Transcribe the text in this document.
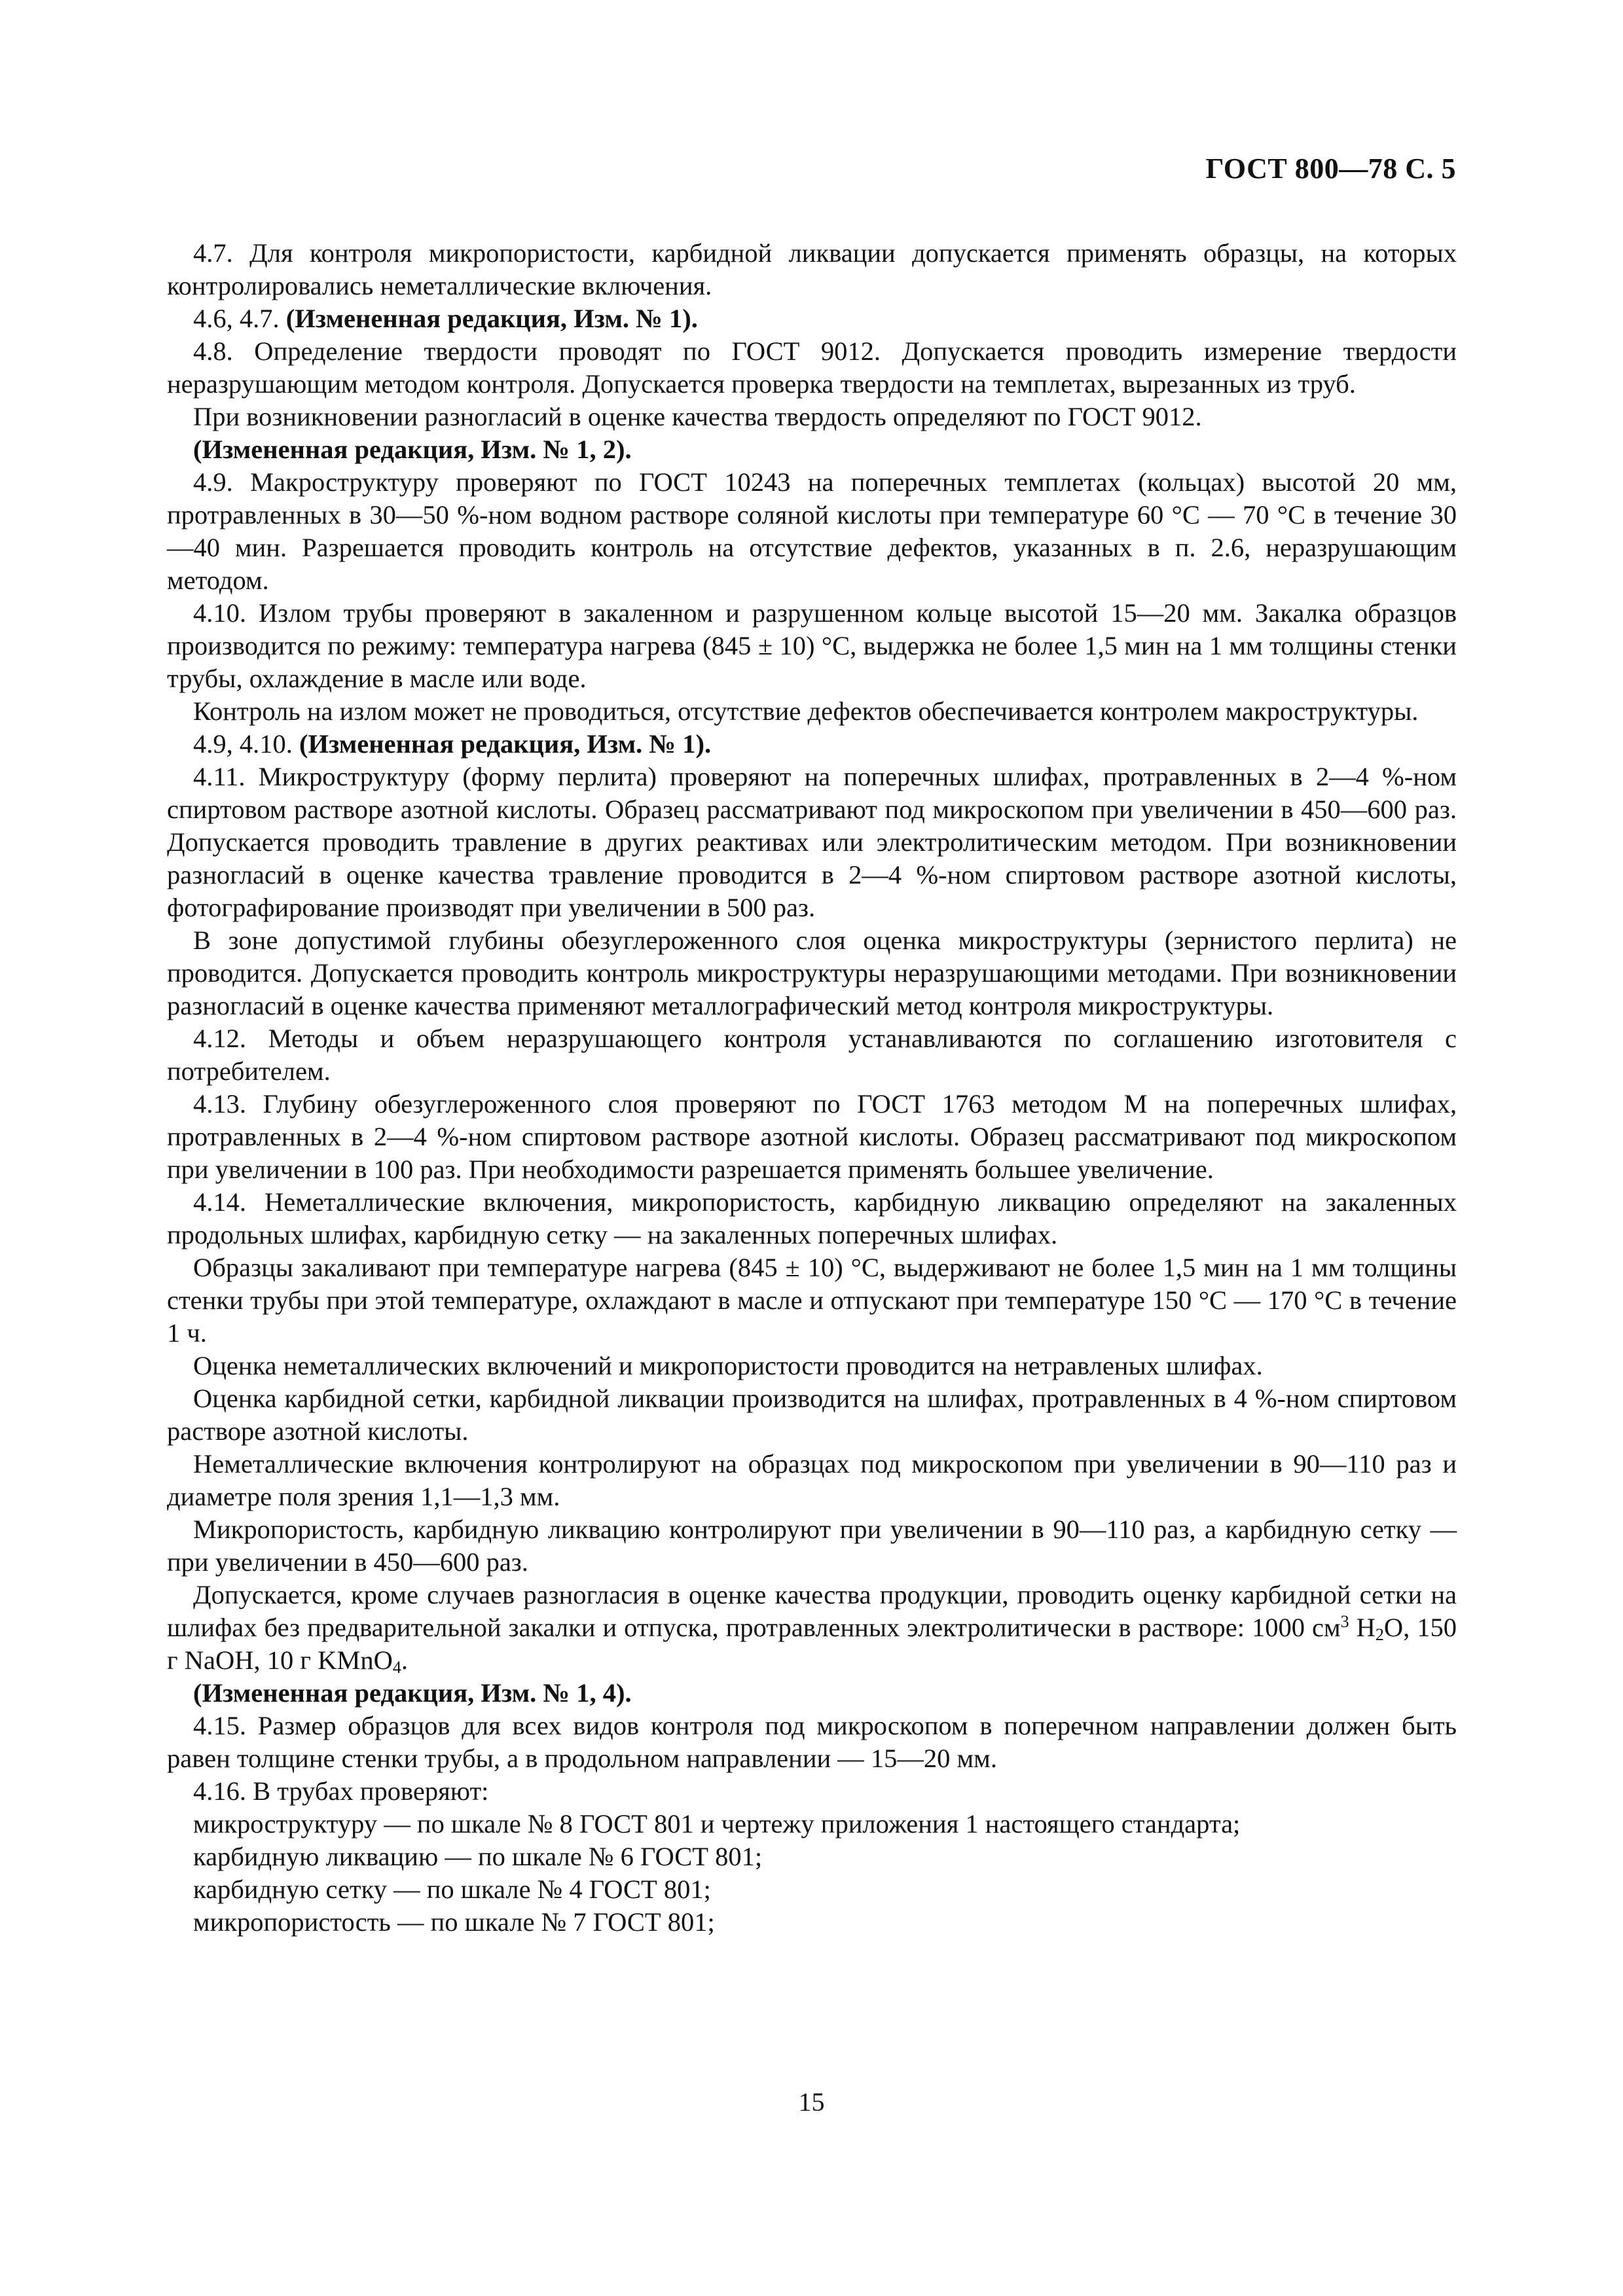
ГОСТ 800—78 С. 5

4.7. Для контроля микропористости, карбидной ликвации допускается применять образцы, на которых контролировались неметаллические включения.

4.6, 4.7. (Измененная редакция, Изм. № 1).

4.8. Определение твердости проводят по ГОСТ 9012. Допускается проводить измерение твердости неразрушающим методом контроля. Допускается проверка твердости на темплетах, вырезанных из труб.

При возникновении разногласий в оценке качества твердость определяют по ГОСТ 9012.

(Измененная редакция, Изм. № 1, 2).

4.9. Макроструктуру проверяют по ГОСТ 10243 на поперечных темплетах (кольцах) высотой 20 мм, протравленных в 30—50 %-ном водном растворе соляной кислоты при температуре 60 °С — 70 °С в течение 30—40 мин. Разрешается проводить контроль на отсутствие дефектов, указанных в п. 2.6, неразрушающим методом.

4.10. Излом трубы проверяют в закаленном и разрушенном кольце высотой 15—20 мм. Закалка образцов производится по режиму: температура нагрева (845 ± 10) °С, выдержка не более 1,5 мин на 1 мм толщины стенки трубы, охлаждение в масле или воде.

Контроль на излом может не проводиться, отсутствие дефектов обеспечивается контролем макроструктуры.

4.9, 4.10. (Измененная редакция, Изм. № 1).

4.11. Микроструктуру (форму перлита) проверяют на поперечных шлифах, протравленных в 2—4 %-ном спиртовом растворе азотной кислоты. Образец рассматривают под микроскопом при увеличении в 450—600 раз. Допускается проводить травление в других реактивах или электролитическим методом. При возникновении разногласий в оценке качества травление проводится в 2—4 %-ном спиртовом растворе азотной кислоты, фотографирование производят при увеличении в 500 раз.

В зоне допустимой глубины обезуглероженного слоя оценка микроструктуры (зернистого перлита) не проводится. Допускается проводить контроль микроструктуры неразрушающими методами. При возникновении разногласий в оценке качества применяют металлографический метод контроля микроструктуры.

4.12. Методы и объем неразрушающего контроля устанавливаются по соглашению изготовителя с потребителем.

4.13. Глубину обезуглероженного слоя проверяют по ГОСТ 1763 методом М на поперечных шлифах, протравленных в 2—4 %-ном спиртовом растворе азотной кислоты. Образец рассматривают под микроскопом при увеличении в 100 раз. При необходимости разрешается применять большее увеличение.

4.14. Неметаллические включения, микропористость, карбидную ликвацию определяют на закаленных продольных шлифах, карбидную сетку — на закаленных поперечных шлифах.

Образцы закаливают при температуре нагрева (845 ± 10) °С, выдерживают не более 1,5 мин на 1 мм толщины стенки трубы при этой температуре, охлаждают в масле и отпускают при температуре 150 °С — 170 °С в течение 1 ч.

Оценка неметаллических включений и микропористости проводится на нетравленых шлифах.

Оценка карбидной сетки, карбидной ликвации производится на шлифах, протравленных в 4 %-ном спиртовом растворе азотной кислоты.

Неметаллические включения контролируют на образцах под микроскопом при увеличении в 90—110 раз и диаметре поля зрения 1,1—1,3 мм.

Микропористость, карбидную ликвацию контролируют при увеличении в 90—110 раз, а карбидную сетку — при увеличении в 450—600 раз.

Допускается, кроме случаев разногласия в оценке качества продукции, проводить оценку карбидной сетки на шлифах без предварительной закалки и отпуска, протравленных электролитически в растворе: 1000 $см^3$ $H_2O$, 150 г NaOH, 10 г KMnO$_4$.

(Измененная редакция, Изм. № 1, 4).

4.15. Размер образцов для всех видов контроля под микроскопом в поперечном направлении должен быть равен толщине стенки трубы, а в продольном направлении — 15—20 мм.

4.16. В трубах проверяют:

микроструктуру — по шкале № 8 ГОСТ 801 и чертежу приложения 1 настоящего стандарта;

карбидную ликвацию — по шкале № 6 ГОСТ 801;

карбидную сетку — по шкале № 4 ГОСТ 801;

микропористость — по шкале № 7 ГОСТ 801;

15
